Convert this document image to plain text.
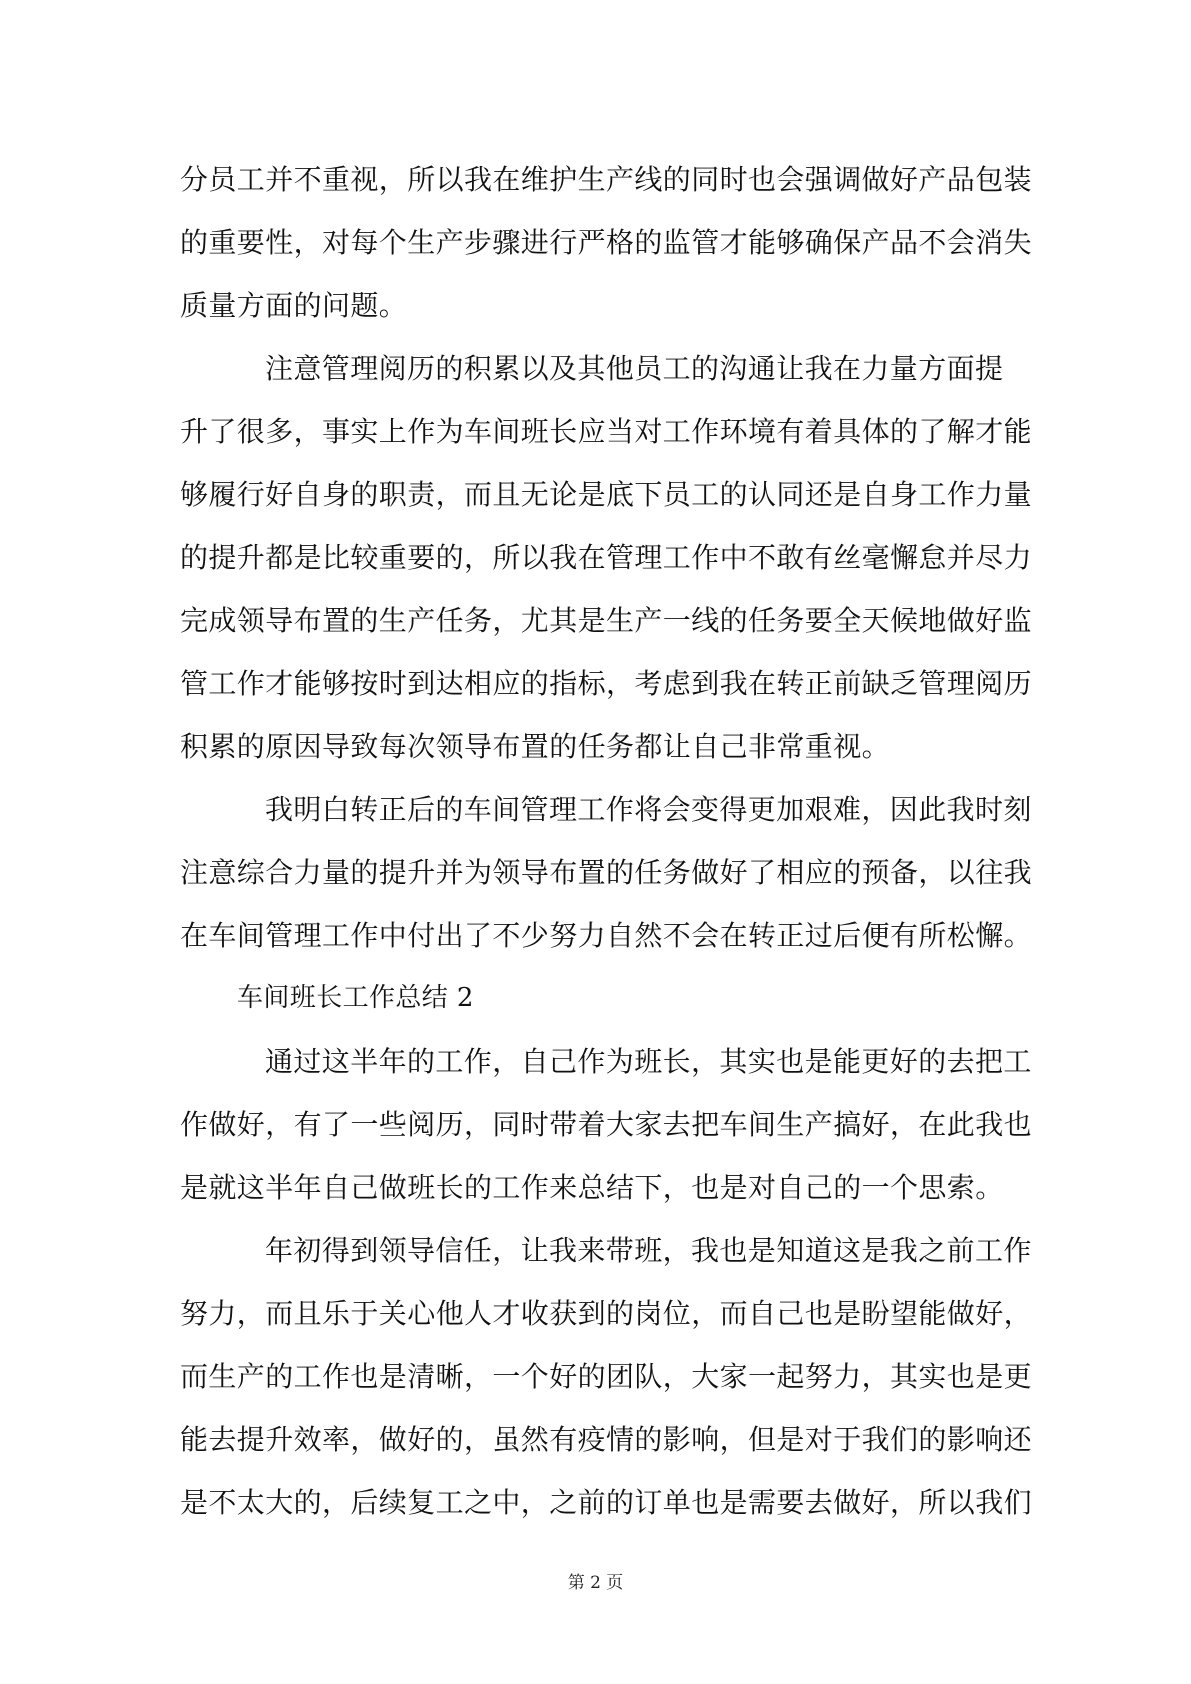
分员工并不重视，所以我在维护生产线的同时也会强调做好产品包装
的重要性，对每个生产步骤进行严格的监管才能够确保产品不会消失
质量方面的问题。
注意管理阅历的积累以及其他员工的沟通让我在力量方面提
升了很多，事实上作为车间班长应当对工作环境有着具体的了解才能
够履行好自身的职责，而且无论是底下员工的认同还是自身工作力量
的提升都是比较重要的，所以我在管理工作中不敢有丝毫懈怠并尽力
完成领导布置的生产任务，尤其是生产一线的任务要全天候地做好监
管工作才能够按时到达相应的指标，考虑到我在转正前缺乏管理阅历
积累的原因导致每次领导布置的任务都让自己非常重视。
我明白转正后的车间管理工作将会变得更加艰难，因此我时刻
注意综合力量的提升并为领导布置的任务做好了相应的预备，以往我
在车间管理工作中付出了不少努力自然不会在转正过后便有所松懈。
车间班长工作总结 2
通过这半年的工作，自己作为班长，其实也是能更好的去把工
作做好，有了一些阅历，同时带着大家去把车间生产搞好，在此我也
是就这半年自己做班长的工作来总结下，也是对自己的一个思索。
年初得到领导信任，让我来带班，我也是知道这是我之前工作
努力，而且乐于关心他人才收获到的岗位，而自己也是盼望能做好，
而生产的工作也是清晰，一个好的团队，大家一起努力，其实也是更
能去提升效率，做好的，虽然有疫情的影响，但是对于我们的影响还
是不太大的，后续复工之中，之前的订单也是需要去做好，所以我们
第 2 页
